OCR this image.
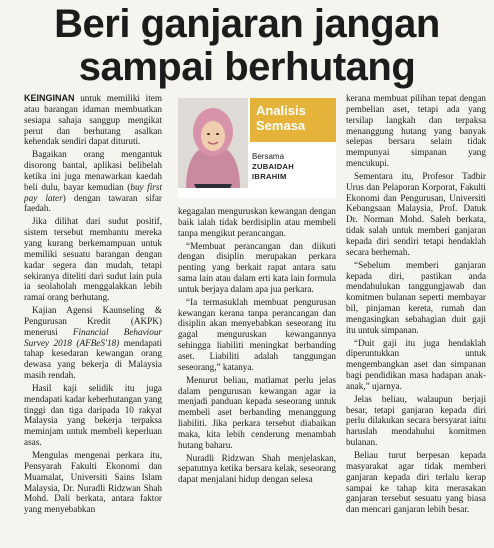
Beri ganjaran jangan
sampai berhutang

KEINGINAN untuk memiliki item atau barangan idaman membuatkan sesiapa sahaja sanggup mengikat perut dan berhutang asalkan kehendak sendiri dapat dituruti.

Bagaikan orang mengantuk disorong bantal, aplikasi belibelah ketika ini juga menawarkan kaedah beli dulu, bayar kemudian (buy first pay later) dengan tawaran sifar faedah.

Jika dilihat dari sudut positif, sistem tersebut membantu mereka yang kurang berkemampuan untuk memiliki sesuatu barangan dengan kadar segera dan mudah, tetapi sekiranya diteliti dari sudut lain pula ia seolaholah menggalakkan lebih ramai orang berhutang.

Kajian Agensi Kaunseling & Pengurusan Kredit (AKPK) menerusi Financial Behaviour Survey 2018 (AFBeS'18) mendapati tahap kesedaran kewangan orang dewasa yang bekerja di Malaysia masih rendah.

Hasil kaji selidik itu juga mendapati kadar keberhutangan yang tinggi dan tiga daripada 10 rakyat Malaysia yang bekerja terpaksa meminjam untuk membeli keperluan asas.

Mengulas mengenai perkara itu, Pensyarah Fakulti Ekonomi dan Muamalat, Universiti Sains Islam Malaysia, Dr. Nuradli Ridzwan Shah Mohd. Dali berkata, antara faktor yang menyebabkan

Analisis
Semasa
Bersama
ZUBAIDAH
IBRAHIM

kegagalan menguruskan kewangan dengan baik ialah tidak berdisiplin atau membeli tanpa mengikut perancangan.

“Membuat perancangan dan diikuti dengan disiplin merupakan perkara penting yang berkait rapat antara satu sama lain atau dalam erti kata lain formula untuk berjaya dalam apa jua perkara.

“Ia termasuklah membuat pengurusan kewangan kerana tanpa perancangan dan disiplin akan menyebabkan seseorang itu gagal menguruskan kewangannya sehingga liabiliti meningkat berbanding aset. Liabiliti adalah tanggungan seseorang,” katanya.

Menurut beliau, matlamat perlu jelas dalam pengurusan kewangan agar ia menjadi panduan kepada seseorang untuk membeli aset berbanding menanggung liabiliti. Jika perkara tersebut diabaikan maka, kita lebih cenderung menambah hutang baharu.

Nuradli Ridzwan Shah menjelaskan, sepatutnya ketika bersara kelak, seseorang dapat menjalani hidup dengan selesa

kerana membuat pilihan tepat dengan pembelian aset, tetapi ada yang tersilap langkah dan terpaksa menanggung hutang yang banyak selepas bersara selain tidak mempunyai simpanan yang mencukupi.

Sementara itu, Profesor Tadbir Urus dan Pelaporan Korporat, Fakulti Ekonomi dan Pengurusan, Universiti Kebangsaan Malaysia, Prof. Datuk Dr. Norman Mohd. Saleh berkata, tidak salah untuk memberi ganjaran kepada diri sendiri tetapi hendaklah secara berhemah.

“Sebelum memberi ganjaran kepada diri, pastikan anda mendahulukan tanggungjawab dan komitmen bulanan seperti membayar bil, pinjaman kereta, rumah dan mengasingkan sebahagian duit gaji itu untuk simpanan.

“Duit gaji itu juga hendaklah diperuntukkan untuk mengembangkan aset dan simpanan bagi pendidikan masa hadapan anak-anak,” ujarnya.

Jelas beliau, walaupun berjaji besar, tetapi ganjaran kepada diri perlu dilakukan secara bersyarat iaitu haruslah mendahului komitmen bulanan.

Beliau turut berpesan kepada masyarakat agar tidak memberi ganjaran kepada diri terlalu kerap sampai ke tahap kita merasakan ganjaran tersebut sesuatu yang biasa dan mencari ganjaran lebih besar.
